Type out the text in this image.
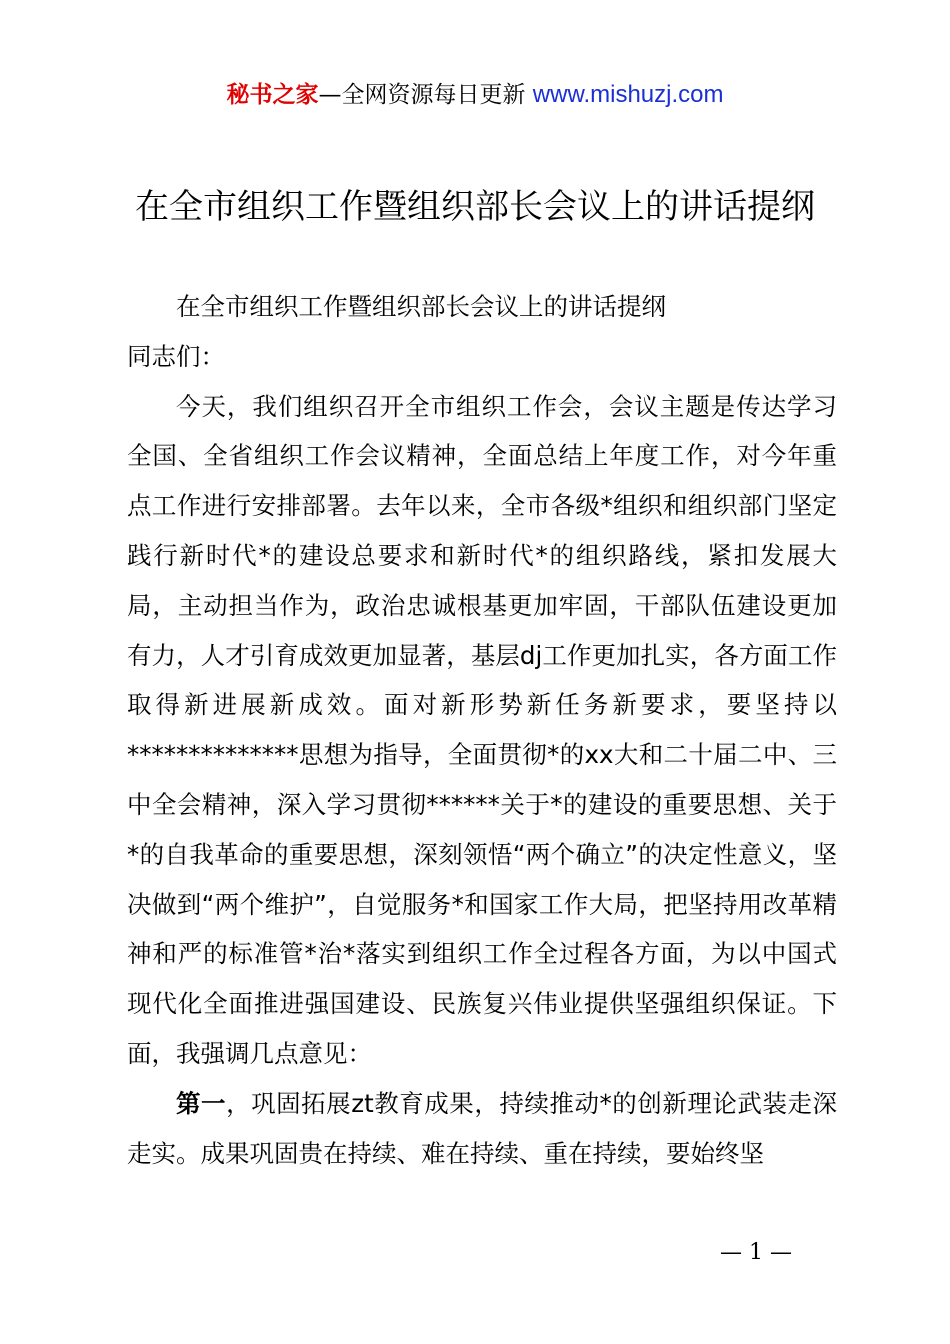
秘书之家—全网资源每日更新 www.mishuzj.com
在全市组织工作暨组织部长会议上的讲话提纲

在全市组织工作暨组织部长会议上的讲话提纲

同志们：

今天，我们组织召开全市组织工作会，会议主题是传达学习全国、全省组织工作会议精神，全面总结上年度工作，对今年重点工作进行安排部署。去年以来，全市各级*组织和组织部门坚定践行新时代*的建设总要求和新时代*的组织路线，紧扣发展大局，主动担当作为，政治忠诚根基更加牢固，干部队伍建设更加有力，人才引育成效更加显著，基层dj工作更加扎实，各方面工作取得新进展新成效。面对新形势新任务新要求，要坚持以**************思想为指导，全面贯彻*的xx大和二十届二中、三中全会精神，深入学习贯彻******关于*的建设的重要思想、关于*的自我革命的重要思想，深刻领悟“两个确立”的决定性意义，坚决做到“两个维护”，自觉服务*和国家工作大局，把坚持用改革精神和严的标准管*治*落实到组织工作全过程各方面，为以中国式现代化全面推进强国建设、民族复兴伟业提供坚强组织保证。下面，我强调几点意见：

第一，巩固拓展zt教育成果，持续推动*的创新理论武装走深走实。成果巩固贵在持续、难在持续、重在持续，要始终坚

— 1 —
